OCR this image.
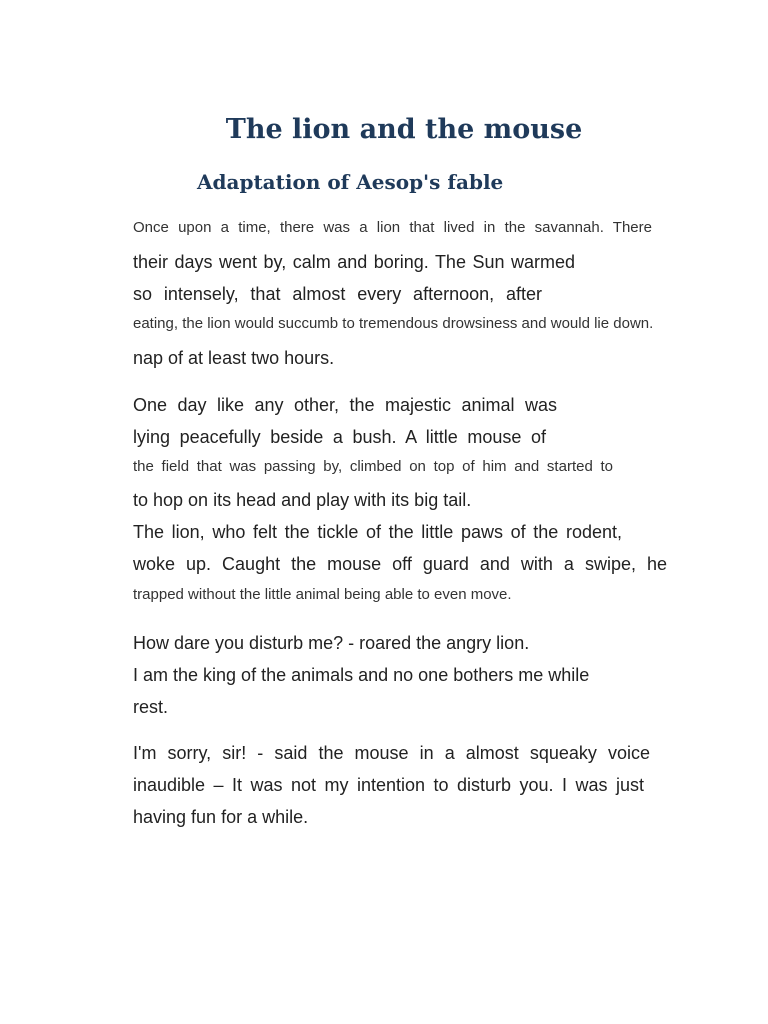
The lion and the mouse
Adaptation of Aesop's fable

Once upon a time, there was a lion that lived in the savannah. There

their days went by, calm and boring. The Sun warmed

so intensely, that almost every afternoon, after

eating, the lion would succumb to tremendous drowsiness and would lie down.

nap of at least two hours.

One day like any other, the majestic animal was

lying peacefully beside a bush. A little mouse of

the field that was passing by, climbed on top of him and started to

to hop on its head and play with its big tail.

The lion, who felt the tickle of the little paws of the rodent,

woke up. Caught the mouse off guard and with a swipe, he

trapped without the little animal being able to even move.

How dare you disturb me? - roared the angry lion.

I am the king of the animals and no one bothers me while

rest.

I'm sorry, sir! - said the mouse in a almost squeaky voice

inaudible – It was not my intention to disturb you. I was just

having fun for a while.
